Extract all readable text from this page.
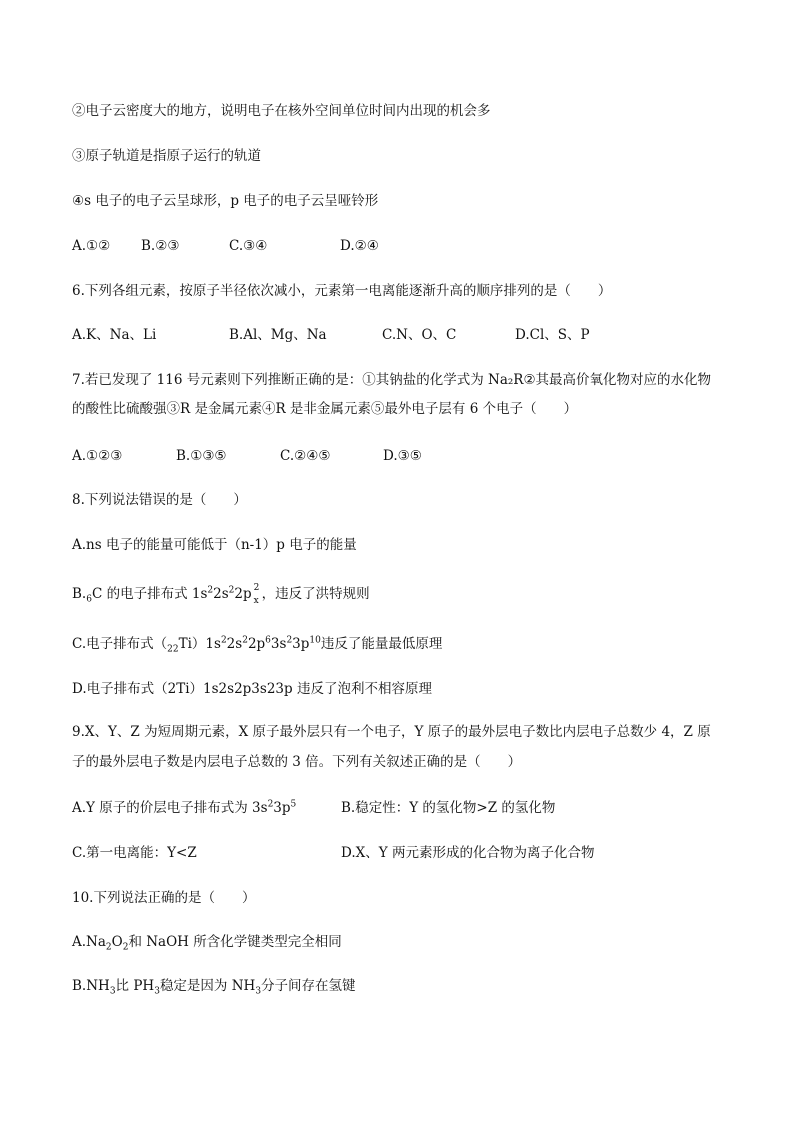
②电子云密度大的地方，说明电子在核外空间单位时间内出现的机会多
③原子轨道是指原子运行的轨道
④s 电子的电子云呈球形，p 电子的电子云呈哑铃形
A.①② B.②③	C.③④	D.②④
6.下列各组元素，按原子半径依次减小，元素第一电离能逐渐升高的顺序排列的是（　　）
A.K、Na、Li	B.Al、Mg、Na	C.N、O、C	D.Cl、S、P
7.若已发现了 116 号元素则下列推断正确的是：①其钠盐的化学式为 Na₂R②其最高价氧化物对应的水化物
的酸性比硫酸强③R 是金属元素④R 是非金属元素⑤最外电子层有 6 个电子（　　）
A.①②③	B.①③⑤	C.②④⑤	D.③⑤
8.下列说法错误的是（　　）
A.ns 电子的能量可能低于（n-1）p 电子的能量
$B._6C$ 的电子排布式 $1s^22s^22p$ 2
x ，违反了洪特规则
C.电子排布式$(_{22}Ti)1s^22s^22p^63s^23p^{10}$违反了能量最低原理
D.电子排布式（2Ti）1s2s2p3s23p 违反了泡利不相容原理
9.X、Y、Z 为短周期元素，X 原子最外层只有一个电子，Y 原子的最外层电子数比内层电子总数少 4，Z 原
子的最外层电子数是内层电子总数的 3 倍。下列有关叙述正确的是（　　）
A.Y 原子的价层电子排布式为 $3s^23p^5$	B.稳定性：Y 的氢化物>Z 的氢化物
C.第一电离能：Y<Z	D.X、Y 两元素形成的化合物为离子化合物
10.下列说法正确的是（　　）
$A.Na_2O_2$和 NaOH 所含化学键类型完全相同
$B.NH_3$比 $PH_3$稳定是因为 $NH_3$分子间存在氢键
